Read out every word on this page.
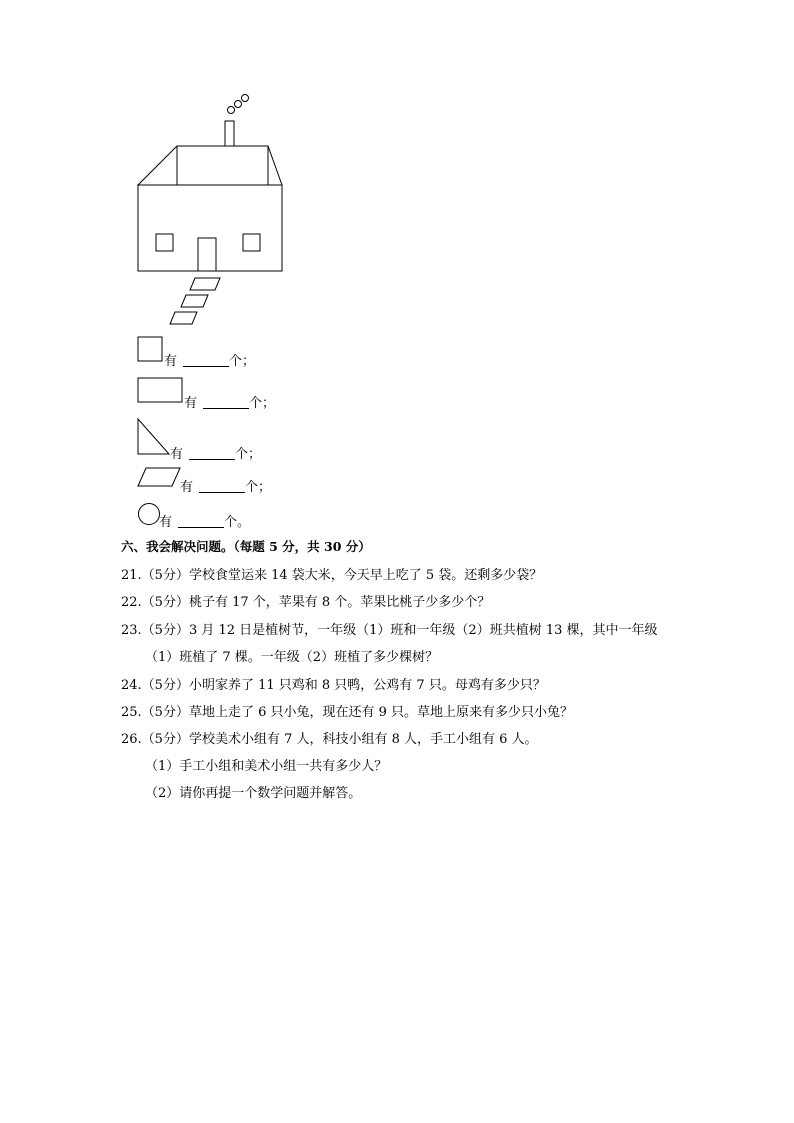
有	个；
有	个；
有	个；
有	个；
有	个。
六、我会解决问题。（每题 5 分，共 30 分）
21.（5分）学校食堂运来 14 袋大米，今天早上吃了 5 袋。还剩多少袋？
22.（5分）桃子有 17 个，苹果有 8 个。苹果比桃子少多少个？
23.（5分）3 月 12 日是植树节，一年级（1）班和一年级（2）班共植树 13 棵，其中一年级
（1）班植了 7 棵。一年级（2）班植了多少棵树？
24.（5分）小明家养了 11 只鸡和 8 只鸭，公鸡有 7 只。母鸡有多少只？
25.（5分）草地上走了 6 只小兔，现在还有 9 只。草地上原来有多少只小兔？
26.（5分）学校美术小组有 7 人，科技小组有 8 人，手工小组有 6 人。
（1）手工小组和美术小组一共有多少人？
（2）请你再提一个数学问题并解答。
